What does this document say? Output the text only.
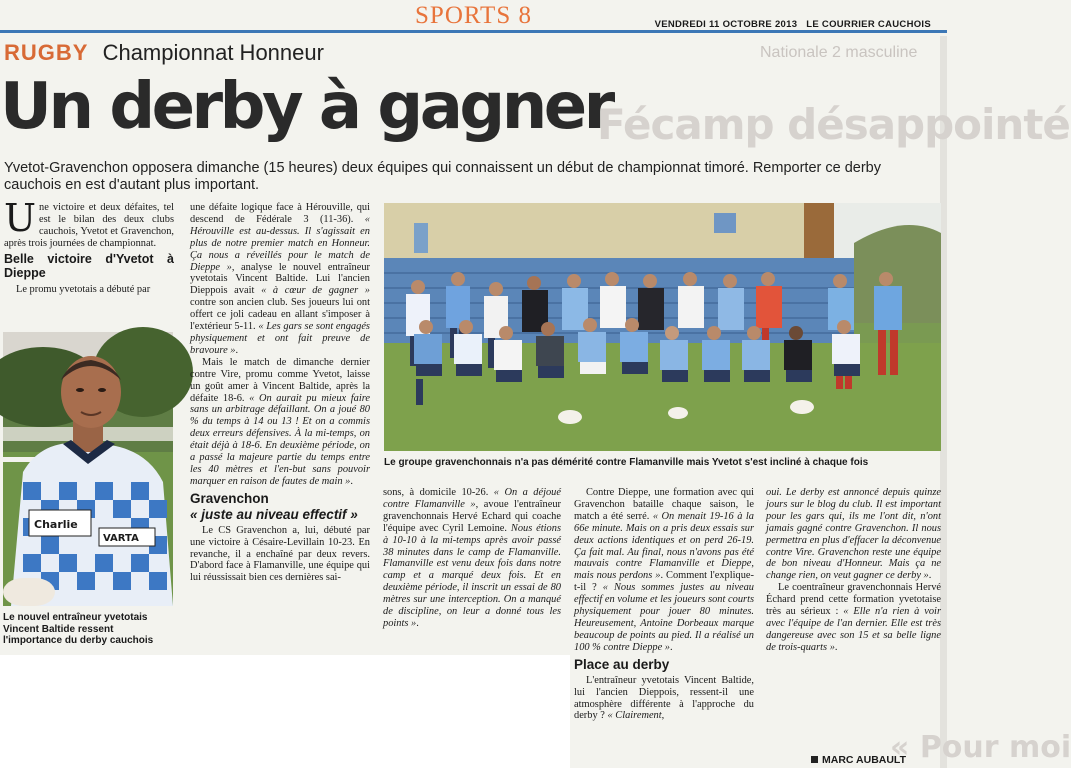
Nationale 2 masculine
Fécamp désappointé
« Pour moi
SPORTS 8	VENDREDI 11 OCTOBRE 2013 LE COURRIER CAUCHOIS
RUGBY Championnat Honneur
Un derby à gagner
Yvetot-Gravenchon opposera dimanche (15 heures) deux équipes qui connaissent un début de championnat timoré. Remporter ce derby cauchois en est d'autant plus important.

Une victoire et deux défaites, tel est le bilan des deux clubs cauchois, Yvetot et Gravenchon, après trois journées de championnat.

Belle victoire d'Yvetot à Dieppe

Le promu yvetotais a débuté par

Charlie
VARTA
Le nouvel entraîneur yvetotais Vincent Baltide ressent l'importance du derby cauchois

une défaite logique face à Hérouville, qui descend de Fédérale 3 (11-36). « Hérouville est au-dessus. Il s'agissait en plus de notre premier match en Honneur. Ça nous a réveillés pour le match de Dieppe », analyse le nouvel entraîneur yvetotais Vincent Baltide. Lui l'ancien Dieppois avait « à cœur de gagner » contre son ancien club. Ses joueurs lui ont offert ce joli cadeau en allant s'imposer à l'extérieur 5-11. « Les gars se sont engagés physiquement et ont fait preuve de bravoure ».

Mais le match de dimanche dernier contre Vire, promu comme Yvetot, laisse un goût amer à Vincent Baltide, après la défaite 18-6. « On aurait pu mieux faire sans un arbitrage défaillant. On a joué 80 % du temps à 14 ou 13 ! Et on a commis deux erreurs défensives. À la mi-temps, on était déjà à 18-6. En deuxième période, on a passé la majeure partie du temps entre les 40 mètres et l'en-but sans pouvoir marquer en raison de fautes de main ».

Gravenchon
« juste au niveau effectif »

Le CS Gravenchon a, lui, débuté par une victoire à Césaire-Levillain 10-23. En revanche, il a enchaîné par deux revers. D'abord face à Flamanville, une équipe qui lui réussissait bien ces dernières sai-

Le groupe gravenchonnais n'a pas démérité contre Flamanville mais Yvetot s'est incliné à chaque fois

sons, à domicile 10-26. « On a déjoué contre Flamanville », avoue l'entraîneur gravenchonnais Hervé Echard qui coache l'équipe avec Cyril Lemoine. Nous étions à 10-10 à la mi-temps après avoir passé 38 minutes dans le camp de Flamanville. Flamanville est venu deux fois dans notre camp et a marqué deux fois. Et en deuxième période, il inscrit un essai de 80 mètres sur une interception. On a manqué de discipline, on leur a donné tous les points ».

Contre Dieppe, une formation avec qui Gravenchon bataille chaque saison, le match a été serré. « On menait 19-16 à la 66e minute. Mais on a pris deux essais sur deux actions identiques et on perd 26-19. Ça fait mal. Au final, nous n'avons pas été mauvais contre Flamanville et Dieppe, mais nous perdons ». Comment l'explique-t-il ? « Nous sommes justes au niveau effectif en volume et les joueurs sont courts physiquement pour jouer 80 minutes. Heureusement, Antoine Dorbeaux marque beaucoup de points au pied. Il a réalisé un 100 % contre Dieppe ».

Place au derby

L'entraîneur yvetotais Vincent Baltide, lui l'ancien Dieppois, ressent-il une atmosphère différente à l'approche du derby ? « Clairement,

oui. Le derby est annoncé depuis quinze jours sur le blog du club. Il est important pour les gars qui, ils me l'ont dit, n'ont jamais gagné contre Gravenchon. Il nous permettra en plus d'effacer la déconvenue contre Vire. Gravenchon reste une équipe de bon niveau d'Honneur. Mais ça ne change rien, on veut gagner ce derby ».

Le coentraîneur gravenchonnais Hervé Échard prend cette formation yvetotaise très au sérieux : « Elle n'a rien à voir avec l'équipe de l'an dernier. Elle est très dangereuse avec son 15 et sa belle ligne de trois-quarts ».

MARC AUBAULT
